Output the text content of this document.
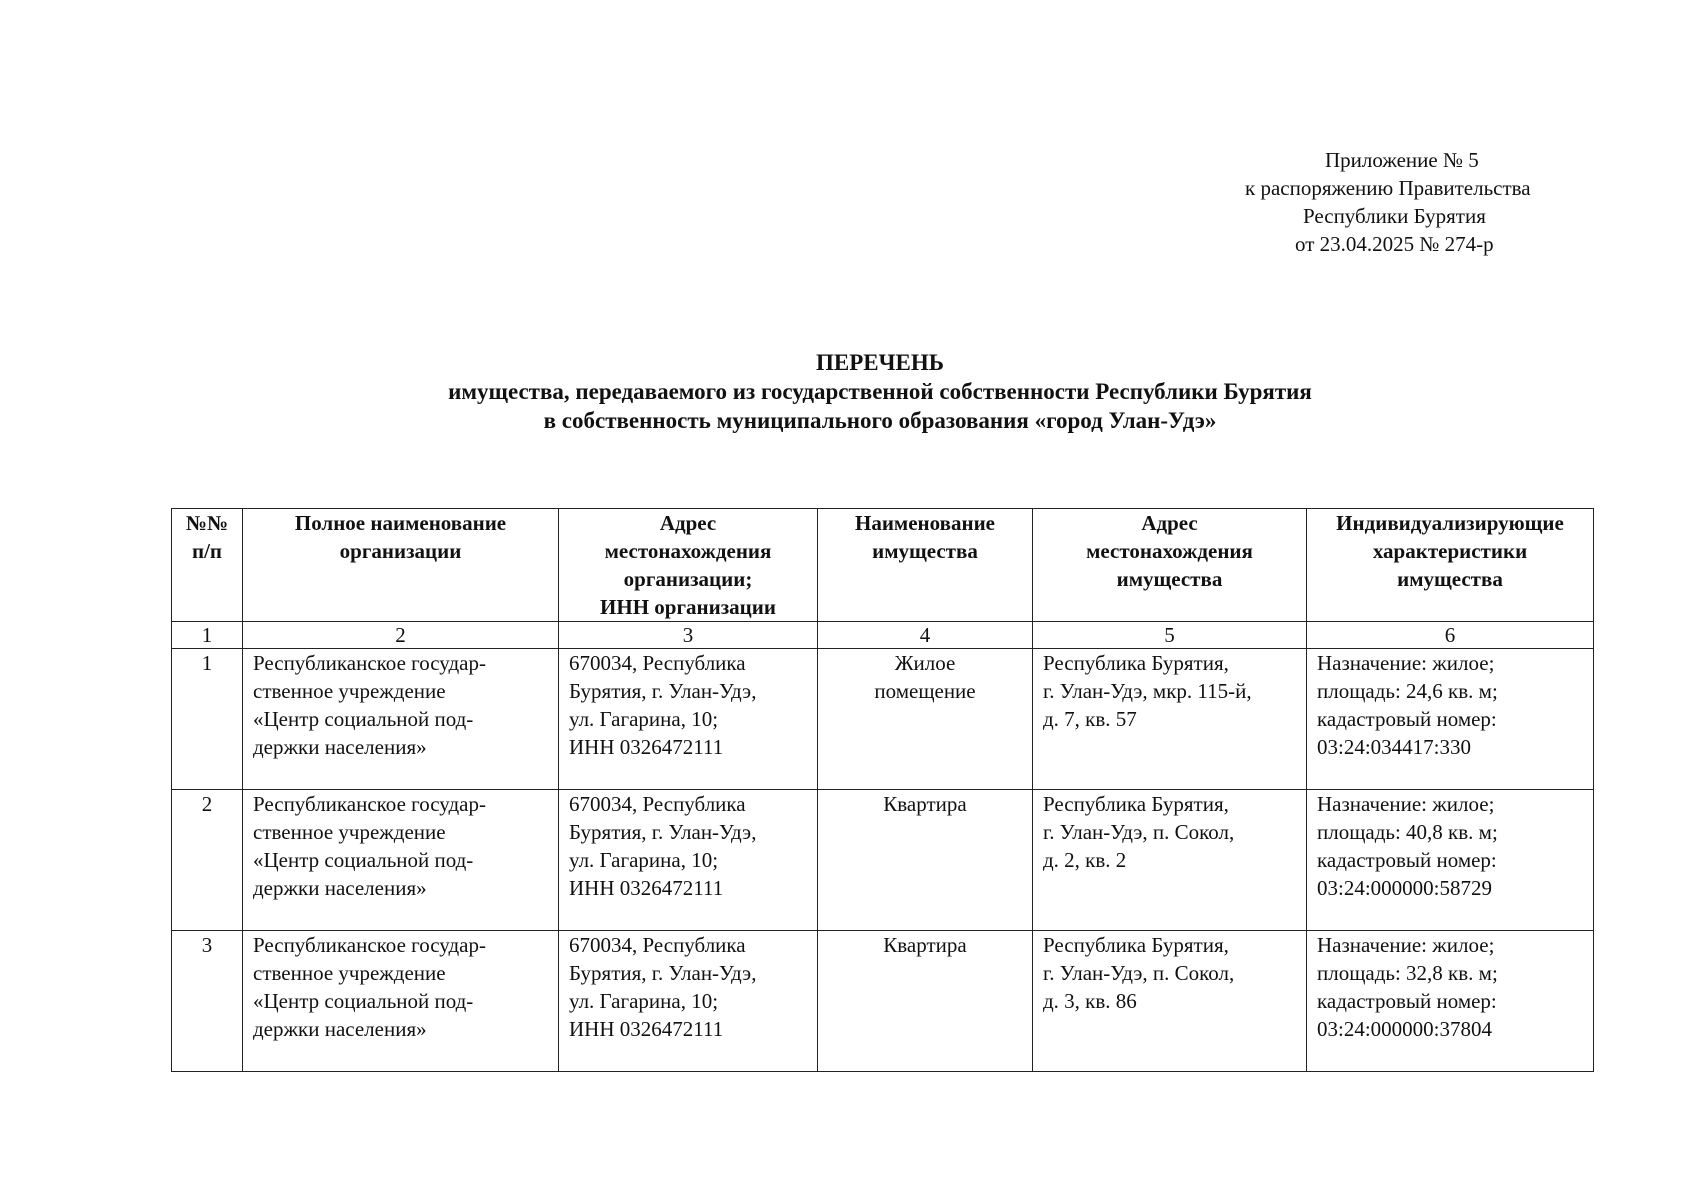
Приложение № 5
к распоряжению Правительства
Республики Бурятия
от 23.04.2025 № 274-р
ПЕРЕЧЕНЬ
имущества, передаваемого из государственной собственности Республики Бурятия
в собственность муниципального образования «город Улан-Удэ»
№№
п/п	Полное наименование
организации	Адрес
местонахождения
организации;
ИНН организации	Наименование
имущества	Адрес
местонахождения
имущества	Индивидуализирующие
характеристики
имущества

1	2	3	4	5	6
1	Республиканское государ-
ственное учреждение
«Центр социальной под-
держки населения»	670034, Республика
Бурятия, г. Улан-Удэ,
ул. Гагарина, 10;
ИНН 0326472111	Жилое
помещение	Республика Бурятия,
г. Улан-Удэ, мкр. 115-й,
д. 7, кв. 57	Назначение: жилое;
площадь: 24,6 кв. м;
кадастровый номер:
03:24:034417:330

2	Республиканское государ-
ственное учреждение
«Центр социальной под-
держки населения»	670034, Республика
Бурятия, г. Улан-Удэ,
ул. Гагарина, 10;
ИНН 0326472111	Квартира	Республика Бурятия,
г. Улан-Удэ, п. Сокол,
д. 2, кв. 2	Назначение: жилое;
площадь: 40,8 кв. м;
кадастровый номер:
03:24:000000:58729

3	Республиканское государ-
ственное учреждение
«Центр социальной под-
держки населения»	670034, Республика
Бурятия, г. Улан-Удэ,
ул. Гагарина, 10;
ИНН 0326472111	Квартира	Республика Бурятия,
г. Улан-Удэ, п. Сокол,
д. 3, кв. 86	Назначение: жилое;
площадь: 32,8 кв. м;
кадастровый номер:
03:24:000000:37804
